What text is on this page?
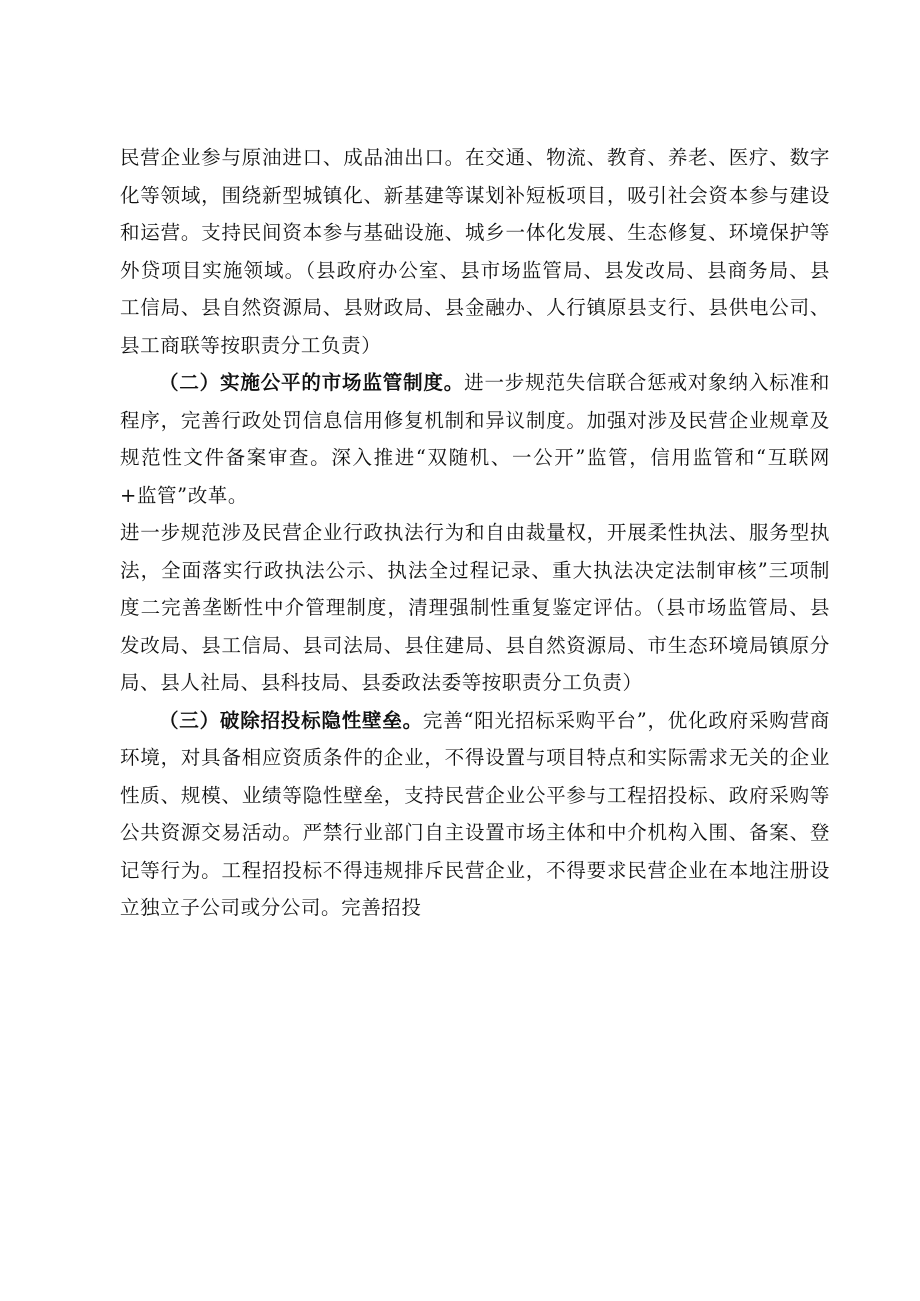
民营企业参与原油进口、成品油出口。在交通、物流、教育、养老、医疗、数字化等领域，围绕新型城镇化、新基建等谋划补短板项目，吸引社会资本参与建设和运营。支持民间资本参与基础设施、城乡一体化发展、生态修复、环境保护等外贷项目实施领域。（县政府办公室、县市场监管局、县发改局、县商务局、县工信局、县自然资源局、县财政局、县金融办、人行镇原县支行、县供电公司、县工商联等按职责分工负责）

（二）实施公平的市场监管制度。进一步规范失信联合惩戒对象纳入标准和程序，完善行政处罚信息信用修复机制和异议制度。加强对涉及民营企业规章及规范性文件备案审查。深入推进“双随机、一公开”监管，信用监管和“互联网+监管”改革。

进一步规范涉及民营企业行政执法行为和自由裁量权，开展柔性执法、服务型执法，全面落实行政执法公示、执法全过程记录、重大执法决定法制审核”三项制度二完善垄断性中介管理制度，清理强制性重复鉴定评估。（县市场监管局、县发改局、县工信局、县司法局、县住建局、县自然资源局、市生态环境局镇原分局、县人社局、县科技局、县委政法委等按职责分工负责）

（三）破除招投标隐性壁垒。完善“阳光招标采购平台”，优化政府采购营商环境，对具备相应资质条件的企业，不得设置与项目特点和实际需求无关的企业性质、规模、业绩等隐性壁垒，支持民营企业公平参与工程招投标、政府采购等公共资源交易活动。严禁行业部门自主设置市场主体和中介机构入围、备案、登记等行为。工程招投标不得违规排斥民营企业，不得要求民营企业在本地注册设立独立子公司或分公司。完善招投
